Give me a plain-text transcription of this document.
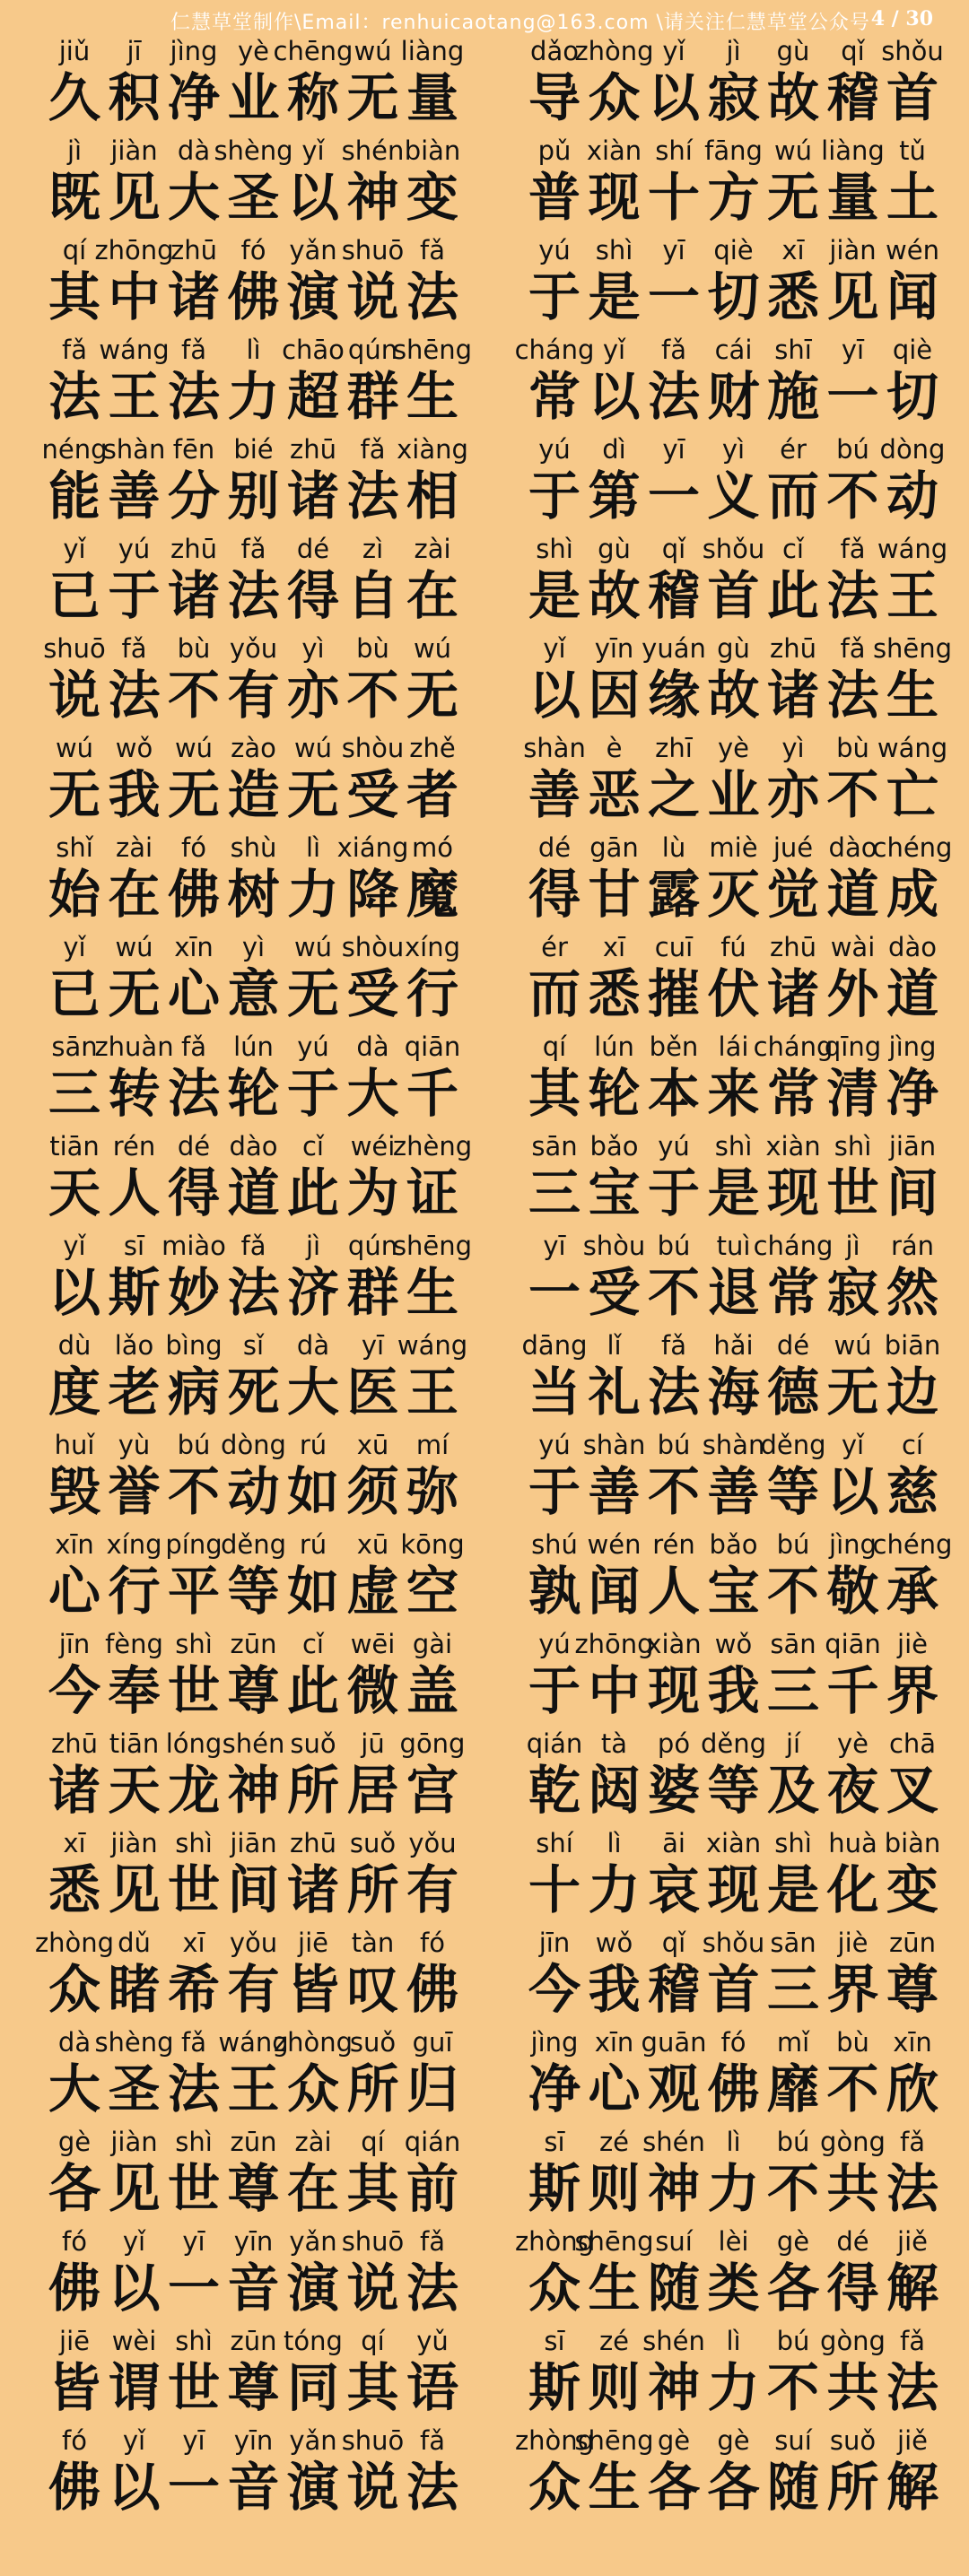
仁慧草堂制作\Email：renhuicaotang@163.com \请关注仁慧草堂公众号 4 / 30
jiǔ
久
jī
积
jìng
净
yè
业
chēng
称
wú
无
liàng
量
dǎo
导
zhòng
众
yǐ
以
jì
寂
gù
故
qǐ
稽
shǒu
首
jì
既
jiàn
见
dà
大
shèng
圣
yǐ
以
shén
神
biàn
变
pǔ
普
xiàn
现
shí
十
fāng
方
wú
无
liàng
量
tǔ
土
qí
其
zhōng
中
zhū
诸
fó
佛
yǎn
演
shuō
说
fǎ
法
yú
于
shì
是
yī
一
qiè
切
xī
悉
jiàn
见
wén
闻
fǎ
法
wáng
王
fǎ
法
lì
力
chāo
超
qún
群
shēng
生
cháng
常
yǐ
以
fǎ
法
cái
财
shī
施
yī
一
qiè
切
néng
能
shàn
善
fēn
分
bié
别
zhū
诸
fǎ
法
xiàng
相
yú
于
dì
第
yī
一
yì
义
ér
而
bú
不
dòng
动
yǐ
已
yú
于
zhū
诸
fǎ
法
dé
得
zì
自
zài
在
shì
是
gù
故
qǐ
稽
shǒu
首
cǐ
此
fǎ
法
wáng
王
shuō
说
fǎ
法
bù
不
yǒu
有
yì
亦
bù
不
wú
无
yǐ
以
yīn
因
yuán
缘
gù
故
zhū
诸
fǎ
法
shēng
生
wú
无
wǒ
我
wú
无
zào
造
wú
无
shòu
受
zhě
者
shàn
善
è
恶
zhī
之
yè
业
yì
亦
bù
不
wáng
亡
shǐ
始
zài
在
fó
佛
shù
树
lì
力
xiáng
降
mó
魔
dé
得
gān
甘
lù
露
miè
灭
jué
觉
dào
道
chéng
成
yǐ
已
wú
无
xīn
心
yì
意
wú
无
shòu
受
xíng
行
ér
而
xī
悉
cuī
摧
fú
伏
zhū
诸
wài
外
dào
道
sān
三
zhuàn
转
fǎ
法
lún
轮
yú
于
dà
大
qiān
千
qí
其
lún
轮
běn
本
lái
来
cháng
常
qīng
清
jìng
净
tiān
天
rén
人
dé
得
dào
道
cǐ
此
wéi
为
zhèng
证
sān
三
bǎo
宝
yú
于
shì
是
xiàn
现
shì
世
jiān
间
yǐ
以
sī
斯
miào
妙
fǎ
法
jì
济
qún
群
shēng
生
yī
一
shòu
受
bú
不
tuì
退
cháng
常
jì
寂
rán
然
dù
度
lǎo
老
bìng
病
sǐ
死
dà
大
yī
医
wáng
王
dāng
当
lǐ
礼
fǎ
法
hǎi
海
dé
德
wú
无
biān
边
huǐ
毁
yù
誉
bú
不
dòng
动
rú
如
xū
须
mí
弥
yú
于
shàn
善
bú
不
shàn
善
děng
等
yǐ
以
cí
慈
xīn
心
xíng
行
píng
平
děng
等
rú
如
xū
虚
kōng
空
shú
孰
wén
闻
rén
人
bǎo
宝
bú
不
jìng
敬
chéng
承
jīn
今
fèng
奉
shì
世
zūn
尊
cǐ
此
wēi
微
gài
盖
yú
于
zhōng
中
xiàn
现
wǒ
我
sān
三
qiān
千
jiè
界
zhū
诸
tiān
天
lóng
龙
shén
神
suǒ
所
jū
居
gōng
宫
qián
乾
tà
闼
pó
婆
děng
等
jí
及
yè
夜
chā
叉
xī
悉
jiàn
见
shì
世
jiān
间
zhū
诸
suǒ
所
yǒu
有
shí
十
lì
力
āi
哀
xiàn
现
shì
是
huà
化
biàn
变
zhòng
众
dǔ
睹
xī
希
yǒu
有
jiē
皆
tàn
叹
fó
佛
jīn
今
wǒ
我
qǐ
稽
shǒu
首
sān
三
jiè
界
zūn
尊
dà
大
shèng
圣
fǎ
法
wáng
王
zhòng
众
suǒ
所
guī
归
jìng
净
xīn
心
guān
观
fó
佛
mǐ
靡
bù
不
xīn
欣
gè
各
jiàn
见
shì
世
zūn
尊
zài
在
qí
其
qián
前
sī
斯
zé
则
shén
神
lì
力
bú
不
gòng
共
fǎ
法
fó
佛
yǐ
以
yī
一
yīn
音
yǎn
演
shuō
说
fǎ
法
zhòng
众
shēng
生
suí
随
lèi
类
gè
各
dé
得
jiě
解
jiē
皆
wèi
谓
shì
世
zūn
尊
tóng
同
qí
其
yǔ
语
sī
斯
zé
则
shén
神
lì
力
bú
不
gòng
共
fǎ
法
fó
佛
yǐ
以
yī
一
yīn
音
yǎn
演
shuō
说
fǎ
法
zhòng
众
shēng
生
gè
各
gè
各
suí
随
suǒ
所
jiě
解
